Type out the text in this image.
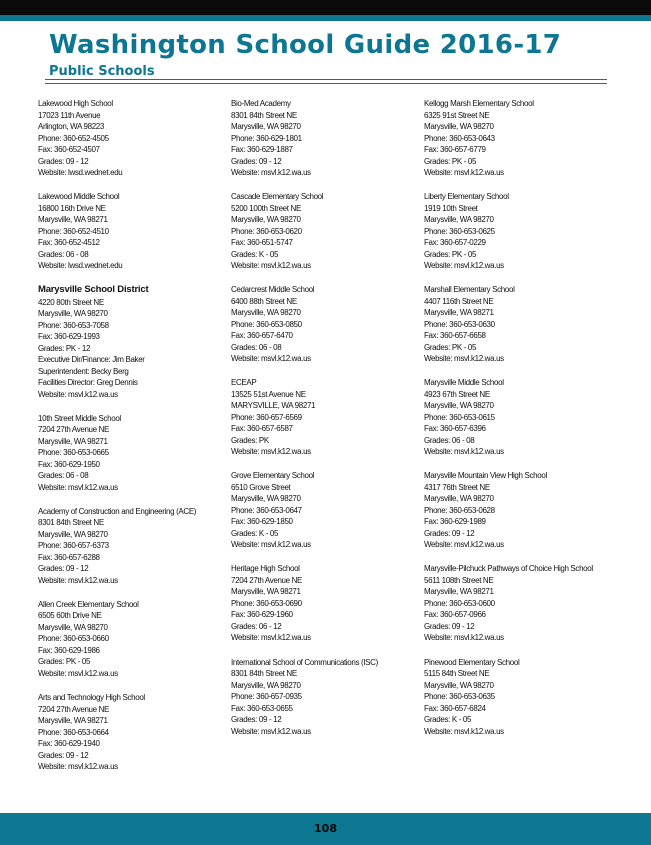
Washington School Guide 2016-17
Public Schools
Lakewood High School
17023 11th Avenue
Arlington, WA 98223
Phone: 360-652-4505
Fax: 360-652-4507
Grades: 09 - 12
Website: lwsd.wednet.edu
Lakewood Middle School
16800 16th Drive NE
Marysville, WA 98271
Phone: 360-652-4510
Fax: 360-652-4512
Grades: 06 - 08
Website: lwsd.wednet.edu
Marysville School District
4220 80th Street NE
Marysville, WA 98270
Phone: 360-653-7058
Fax: 360-629-1993
Grades: PK - 12
Executive Dir/Finance: Jim Baker
Superintendent: Becky Berg
Facilities Director: Greg Dennis
Website: msvl.k12.wa.us
10th Street Middle School
7204 27th Avenue NE
Marysville, WA 98271
Phone: 360-653-0665
Fax: 360-629-1950
Grades: 06 - 08
Website: msvl.k12.wa.us
Academy of Construction and Engineering (ACE)
8301 84th Street NE
Marysville, WA 98270
Phone: 360-657-6373
Fax: 360-657-6288
Grades: 09 - 12
Website: msvl.k12.wa.us
Allen Creek Elementary School
6505 60th Drive NE
Marysville, WA 98270
Phone: 360-653-0660
Fax: 360-629-1986
Grades: PK - 05
Website: msvl.k12.wa.us
Arts and Technology High School
7204 27th Avenue NE
Marysville, WA 98271
Phone: 360-653-0664
Fax: 360-629-1940
Grades: 09 - 12
Website: msvl.k12.wa.us
Bio-Med Academy
8301 84th Street NE
Marysville, WA 98270
Phone: 360-629-1801
Fax: 360-629-1887
Grades: 09 - 12
Website: msvl.k12.wa.us
Cascade Elementary School
5200 100th Street NE
Marysville, WA 98270
Phone: 360-653-0620
Fax: 360-651-5747
Grades: K - 05
Website: msvl.k12.wa.us
Cedarcrest Middle School
6400 88th Street NE
Marysville, WA 98270
Phone: 360-653-0850
Fax: 360-657-6470
Grades: 06 - 08
Website: msvl.k12.wa.us
ECEAP
13525 51st Avenue NE
MARYSVILLE, WA 98271
Phone: 360-657-6569
Fax: 360-657-6587
Grades: PK
Website: msvl.k12.wa.us
Grove Elementary School
6510 Grove Street
Marysville, WA 98270
Phone: 360-653-0647
Fax: 360-629-1850
Grades: K - 05
Website: msvl.k12.wa.us
Heritage High School
7204 27th Avenue NE
Marysville, WA 98271
Phone: 360-653-0690
Fax: 360-629-1960
Grades: 06 - 12
Website: msvl.k12.wa.us
International School of Communications (ISC)
8301 84th Street NE
Marysville, WA 98270
Phone: 360-657-0935
Fax: 360-653-0655
Grades: 09 - 12
Website: msvl.k12.wa.us
Kellogg Marsh Elementary School
6325 91st Street NE
Marysville, WA 98270
Phone: 360-653-0643
Fax: 360-657-6779
Grades: PK - 05
Website: msvl.k12.wa.us
Liberty Elementary School
1919 10th Street
Marysville, WA 98270
Phone: 360-653-0625
Fax: 360-657-0229
Grades: PK - 05
Website: msvl.k12.wa.us
Marshall Elementary School
4407 116th Street NE
Marysville, WA 98271
Phone: 360-653-0630
Fax: 360-657-6658
Grades: PK - 05
Website: msvl.k12.wa.us
Marysville Middle School
4923 67th Street NE
Marysville, WA 98270
Phone: 360-653-0615
Fax: 360-657-6396
Grades: 06 - 08
Website: msvl.k12.wa.us
Marysville Mountain View High School
4317 76th Street NE
Marysville, WA 98270
Phone: 360-653-0628
Fax: 360-629-1989
Grades: 09 - 12
Website: msvl.k12.wa.us
Marysville-Pilchuck Pathways of Choice High School
5611 108th Street NE
Marysville, WA 98271
Phone: 360-653-0600
Fax: 360-657-0966
Grades: 09 - 12
Website: msvl.k12.wa.us
Pinewood Elementary School
5115 84th Street NE
Marysville, WA 98270
Phone: 360-653-0635
Fax: 360-657-6824
Grades: K - 05
Website: msvl.k12.wa.us
108
